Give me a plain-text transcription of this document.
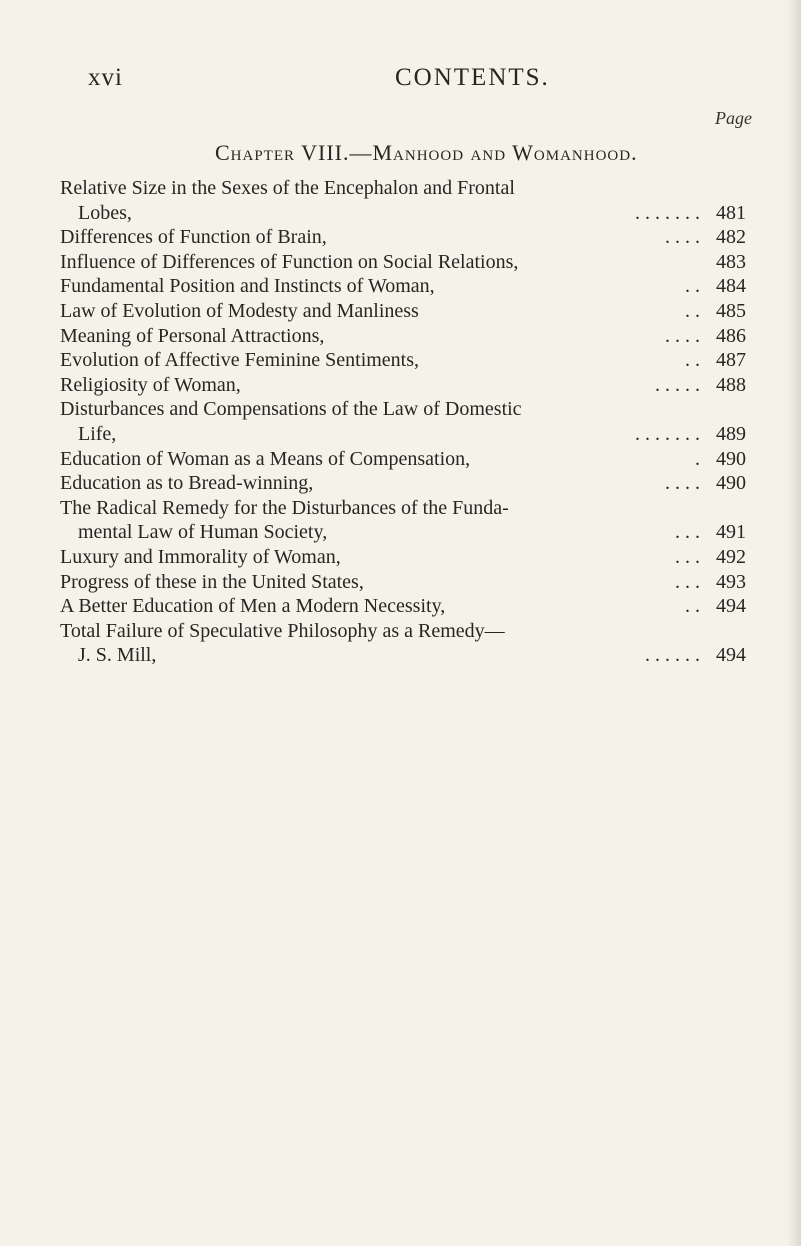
xvi	CONTENTS.
Page
Chapter VIII.—Manhood and Womanhood.
Relative Size in the Sexes of the Encephalon and Frontal
Lobes,	. . . . . . . 481
Differences of Function of Brain,	. . . . 482
Influence of Differences of Function on Social Relations,	483
Fundamental Position and Instincts of Woman,	. . 484
Law of Evolution of Modesty and Manliness	. . 485
Meaning of Personal Attractions,	. . . . 486
Evolution of Affective Feminine Sentiments,	. . 487
Religiosity of Woman,	. . . . . 488
Disturbances and Compensations of the Law of Domestic
Life,	. . . . . . . 489
Education of Woman as a Means of Compensation,	. 490
Education as to Bread-winning,	. . . . 490
The Radical Remedy for the Disturbances of the Funda-
mental Law of Human Society,	. . . 491
Luxury and Immorality of Woman,	. . . 492
Progress of these in the United States,	. . . 493
A Better Education of Men a Modern Necessity,	. . 494
Total Failure of Speculative Philosophy as a Remedy—
J. S. Mill,	. . . . . . 494
